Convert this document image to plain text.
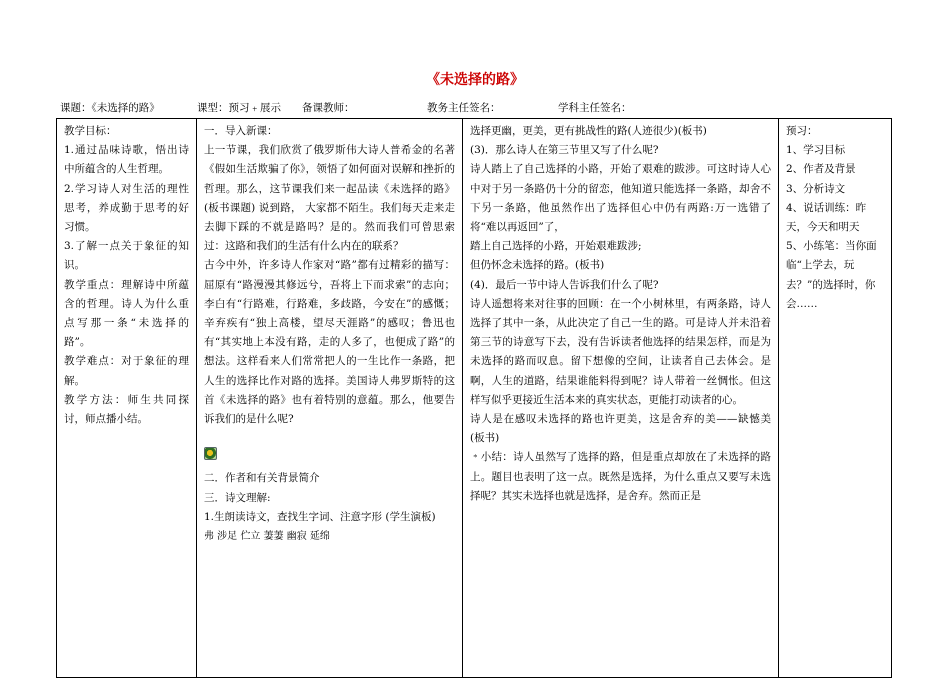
《未选择的路》
课题：《未选择的路》	课型：预习﹢展示 备课教师：	教务主任签名：	学科主任签名：

教学目标：

1.通过品味诗歌，悟出诗中所蕴含的人生哲理。

2.学习诗人对生活的理性思考，养成勤于思考的好习惯。

3.了解一点关于象征的知识。

教学重点：理解诗中所蕴含的哲理。诗人为什么重点写那一条“未选择的路”。

教学难点：对于象征的理解。

教学方法：师生共同探讨，师点播小结。

一．导入新课：

上一节课，我们欣赏了俄罗斯伟大诗人普希金的名著《假如生活欺骗了你》，领悟了如何面对误解和挫折的哲理。那么，这节课我们来一起品读《未选择的路》(板书课题) 说到路， 大家都不陌生。我们每天走来走去脚下踩的不就是路吗？是的。然而我们可曾思索过：这路和我们的生活有什么内在的联系？

古今中外，许多诗人作家对“路”都有过精彩的描写：屈原有“路漫漫其修远兮，吾将上下而求索”的志向；李白有“行路难，行路难，多歧路，今安在”的感慨；辛弃疾有“独上高楼，望尽天涯路”的感叹；鲁迅也有“其实地上本没有路，走的人多了，也便成了路”的想法。这样看来人们常常把人的一生比作一条路，把人生的选择比作对路的选择。美国诗人弗罗斯特的这首《未选择的路》也有着特别的意蕴。那么，他要告诉我们的是什么呢?

二．作者和有关背景简介

三．诗文理解:

1.生朗读诗文，查找生字词、注意字形 (学生演板)

弗 涉足 伫立 萋萋 幽寂 延绵

选择更幽，更美，更有挑战性的路(人迹很少)(板书)

(3)．那么诗人在第三节里又写了什么呢?

诗人踏上了自己选择的小路，开始了艰难的跋涉。可这时诗人心中对于另一条路仍十分的留恋，他知道只能选择一条路，却舍不下另一条路，他虽然作出了选择但心中仍有两路:万一选错了将“难以再返回”了，

踏上自己选择的小路，开始艰难跋涉;

但仍怀念未选择的路。(板书)

(4)．最后一节中诗人告诉我们什么了呢?

诗人遥想将来对往事的回顾：在一个小树林里，有两条路，诗人选择了其中一条，从此决定了自己一生的路。可是诗人并未沿着第三节的诗意写下去，没有告诉读者他选择的结果怎样，而是为未选择的路而叹息。留下想像的空间，让读者自己去体会。是啊，人生的道路，结果谁能料得到呢？诗人带着一丝惆怅。但这样写似乎更接近生活本来的真实状态，更能打动读者的心。

诗人是在感叹未选择的路也许更美，这是舍弃的美——缺憾美 (板书)

﹡小结：诗人虽然写了选择的路，但是重点却放在了未选择的路上。题目也表明了这一点。既然是选择，为什么重点又要写未选择呢？其实未选择也就是选择，是舍弃。然而正是

预习：

1、学习目标

2、作者及背景

3、分析诗文

4、说话训练：昨天，今天和明天

5、小练笔：当你面临“上学去，玩去？”的选择时，你会……
